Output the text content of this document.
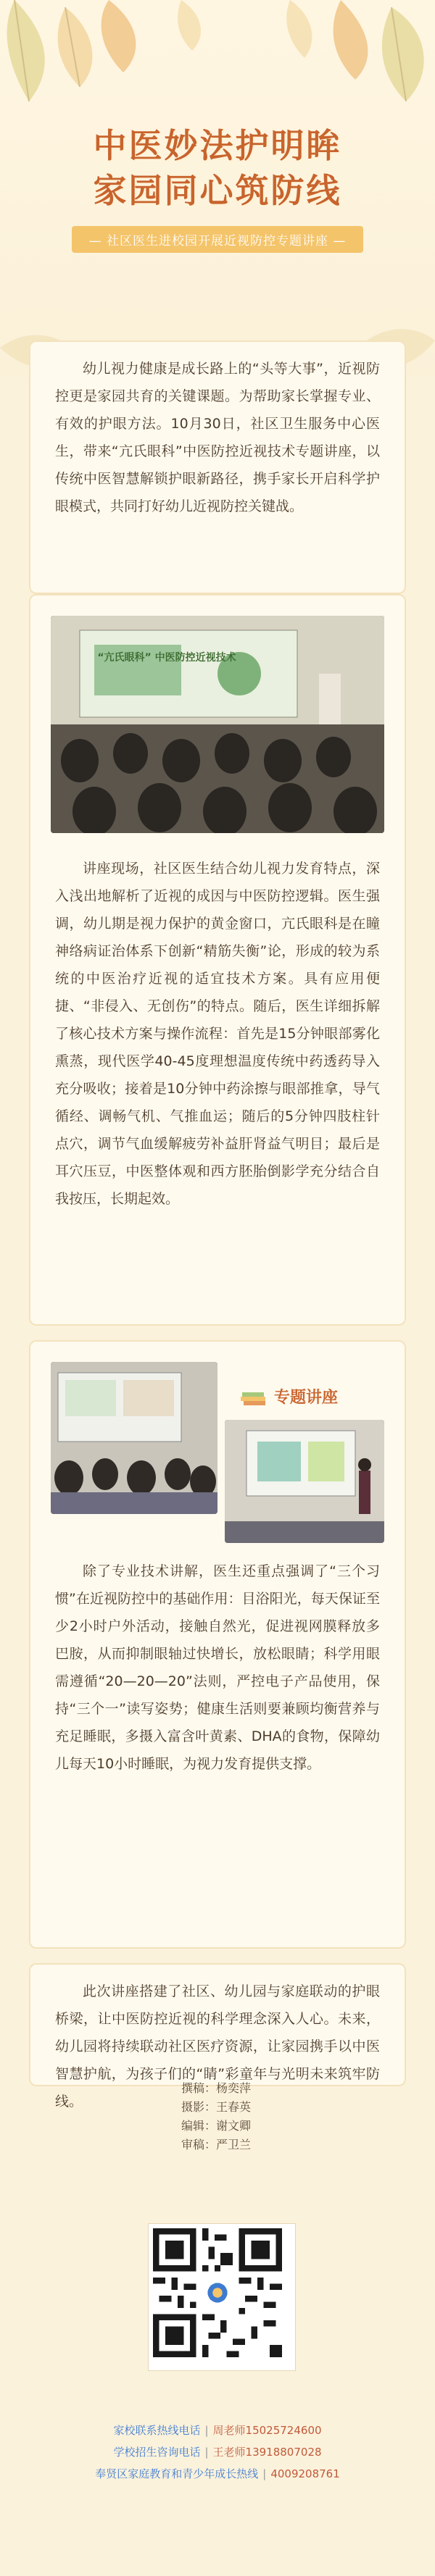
中医妙法护明眸
家园同心筑防线
— 社区医生进校园开展近视防控专题讲座 —

幼儿视力健康是成长路上的“头等大事”，近视防控更是家园共育的关键课题。为帮助家长掌握专业、有效的护眼方法。10月30日，社区卫生服务中心医生，带来“亢氏眼科”中医防控近视技术专题讲座，以传统中医智慧解锁护眼新路径，携手家长开启科学护眼模式，共同打好幼儿近视防控关键战。

“亢氏眼科” 中医防控近视技术

讲座现场，社区医生结合幼儿视力发育特点，深入浅出地解析了近视的成因与中医防控逻辑。医生强调，幼儿期是视力保护的黄金窗口，亢氏眼科是在瞳神络病证治体系下创新“精筋失衡”论，形成的较为系统的中医治疗近视的适宜技术方案。具有应用便捷、“非侵入、无创伤”的特点。随后，医生详细拆解了核心技术方案与操作流程：首先是15分钟眼部雾化熏蒸，现代医学40-45度理想温度传统中药透药导入充分吸收；接着是10分钟中药涂擦与眼部推拿，导气循经、调畅气机、气推血运；随后的5分钟四肢柱针点穴，调节气血缓解疲劳补益肝肾益气明目；最后是耳穴压豆，中医整体观和西方胚胎倒影学充分结合自我按压，长期起效。

专题讲座

除了专业技术讲解，医生还重点强调了“三个习惯”在近视防控中的基础作用：目浴阳光，每天保证至少2小时户外活动，接触自然光，促进视网膜释放多巴胺，从而抑制眼轴过快增长，放松眼睛；科学用眼需遵循“20—20—20”法则，严控电子产品使用，保持“三个一”读写姿势；健康生活则要兼顾均衡营养与充足睡眠，多摄入富含叶黄素、DHA的食物，保障幼儿每天10小时睡眠，为视力发育提供支撑。

此次讲座搭建了社区、幼儿园与家庭联动的护眼桥梁，让中医防控近视的科学理念深入人心。未来，幼儿园将持续联动社区医疗资源，让家园携手以中医智慧护航，为孩子们的“睛”彩童年与光明未来筑牢防线。

撰稿：杨奕萍
摄影：王春英
编辑：谢文卿
审稿：严卫兰
家校联系热线电话 | 周老师15025724600
学校招生咨询电话 | 王老师13918807028
奉贤区家庭教育和青少年成长热线 | 4009208761
